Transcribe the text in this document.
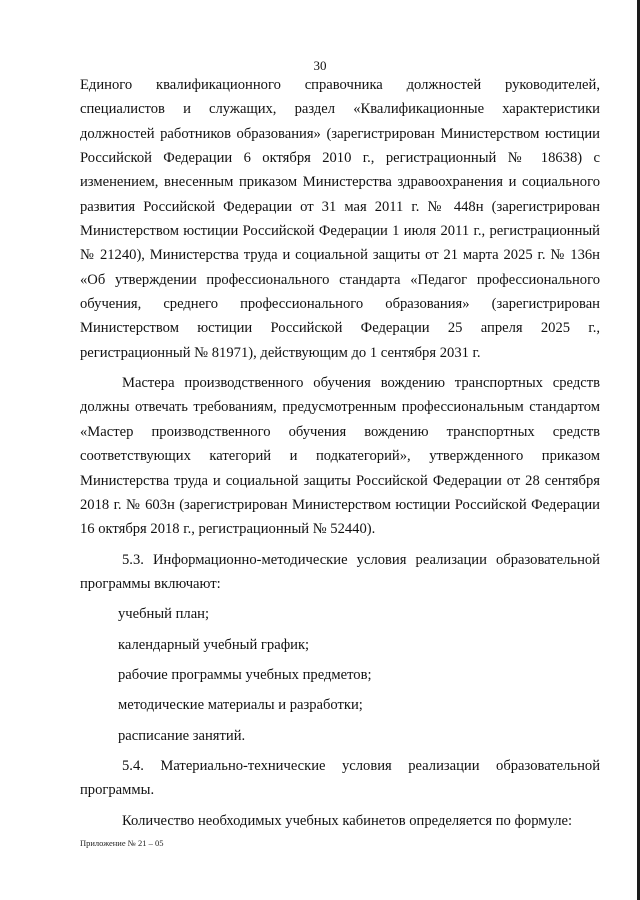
30

Единого квалификационного справочника должностей руководителей, специалистов и служащих, раздел «Квалификационные характеристики должностей работников образования» (зарегистрирован Министерством юстиции Российской Федерации 6 октября 2010 г., регистрационный № 18638) с изменением, внесенным приказом Министерства здравоохранения и социального развития Российской Федерации от 31 мая 2011 г. № 448н (зарегистрирован Министерством юстиции Российской Федерации 1 июля 2011 г., регистрационный № 21240), Министерства труда и социальной защиты от 21 марта 2025 г. № 136н «Об утверждении профессионального стандарта «Педагог профессионального обучения, среднего профессионального образования» (зарегистрирован Министерством юстиции Российской Федерации 25 апреля 2025 г., регистрационный № 81971), действующим до 1 сентября 2031 г.

Мастера производственного обучения вождению транспортных средств должны отвечать требованиям, предусмотренным профессиональным стандартом «Мастер производственного обучения вождению транспортных средств соответствующих категорий и подкатегорий», утвержденного приказом Министерства труда и социальной защиты Российской Федерации от 28 сентября 2018 г. № 603н (зарегистрирован Министерством юстиции Российской Федерации 16 октября 2018 г., регистрационный № 52440).

5.3. Информационно-методические условия реализации образовательной программы включают:

учебный план;

календарный учебный график;

рабочие программы учебных предметов;

методические материалы и разработки;

расписание занятий.

5.4. Материально-технические условия реализации образовательной программы.

Количество необходимых учебных кабинетов определяется по формуле:

Приложение № 21 – 05
